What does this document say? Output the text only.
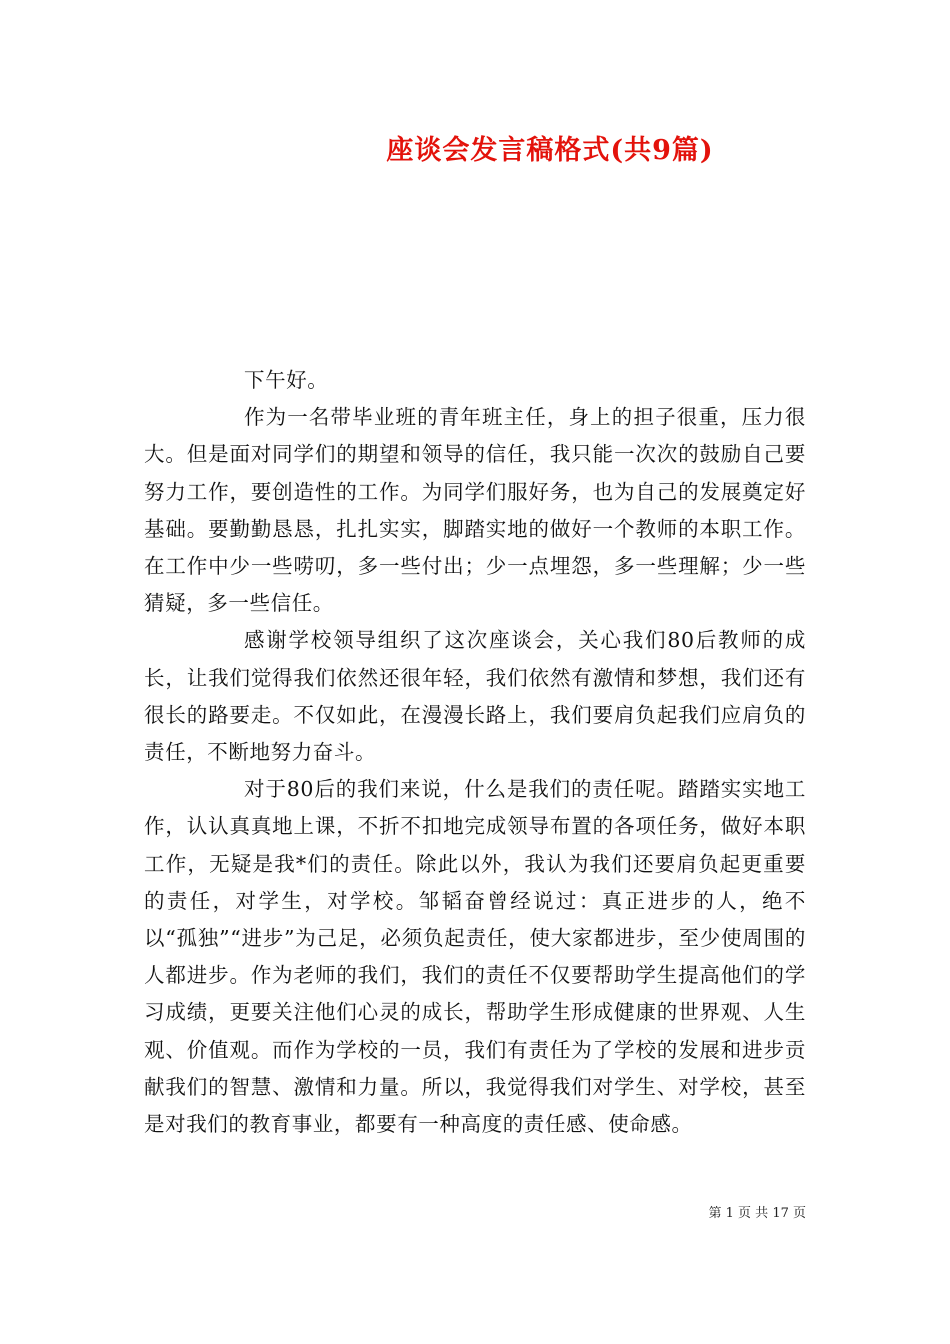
座谈会发言稿格式(共9篇)

下午好。

作为一名带毕业班的青年班主任，身上的担子很重，压力很大。但是面对同学们的期望和领导的信任，我只能一次次的鼓励自己要努力工作，要创造性的工作。为同学们服好务，也为自己的发展奠定好基础。要勤勤恳恳，扎扎实实，脚踏实地的做好一个教师的本职工作。在工作中少一些唠叨，多一些付出；少一点埋怨，多一些理解；少一些猜疑，多一些信任。

感谢学校领导组织了这次座谈会，关心我们80后教师的成长，让我们觉得我们依然还很年轻，我们依然有激情和梦想，我们还有很长的路要走。不仅如此，在漫漫长路上，我们要肩负起我们应肩负的责任，不断地努力奋斗。

对于80后的我们来说，什么是我们的责任呢。踏踏实实地工作，认认真真地上课，不折不扣地完成领导布置的各项任务，做好本职工作，无疑是我*们的责任。除此以外，我认为我们还要肩负起更重要的责任，对学生，对学校。邹韬奋曾经说过：真正进步的人，绝不以“孤独”“进步”为己足，必须负起责任，使大家都进步，至少使周围的人都进步。作为老师的我们，我们的责任不仅要帮助学生提高他们的学习成绩，更要关注他们心灵的成长，帮助学生形成健康的世界观、人生观、价值观。而作为学校的一员，我们有责任为了学校的发展和进步贡献我们的智慧、激情和力量。所以，我觉得我们对学生、对学校，甚至是对我们的教育事业，都要有一种高度的责任感、使命感。

第 1 页 共 17 页
